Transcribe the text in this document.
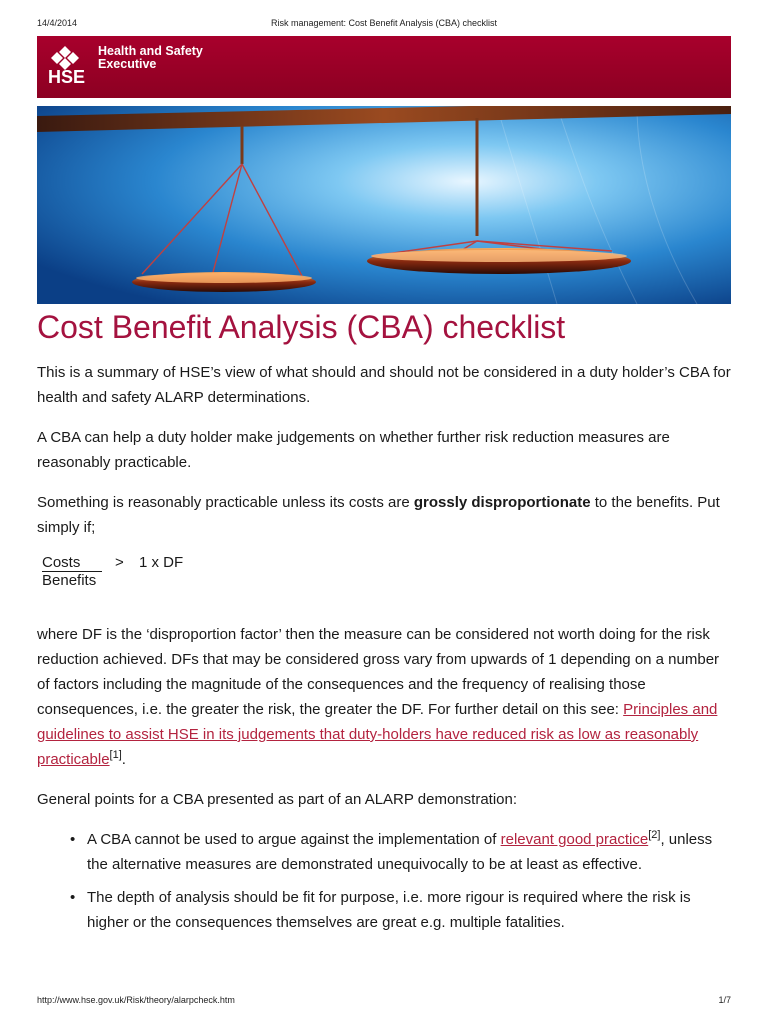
14/4/2014	Risk management: Cost Benefit Analysis (CBA) checklist
HSE
Health and Safety
Executive
Cost Benefit Analysis (CBA) checklist

This is a summary of HSE’s view of what should and should not be considered in a duty holder’s CBA for health and safety ALARP determinations.

A CBA can help a duty holder make judgements on whether further risk reduction measures are reasonably practicable.

Something is reasonably practicable unless its costs are grossly disproportionate to the benefits. Put simply if;

Costs
Benefits
> 1 x DF

where DF is the ‘disproportion factor’ then the measure can be considered not worth doing for the risk reduction achieved. DFs that may be considered gross vary from upwards of 1 depending on a number of factors including the magnitude of the consequences and the frequency of realising those consequences, i.e. the greater the risk, the greater the DF. For further detail on this see: Principles and guidelines to assist HSE in its judgements that duty-holders have reduced risk as low as reasonably practicable[1].

General points for a CBA presented as part of an ALARP demonstration:

• A CBA cannot be used to argue against the implementation of relevant good practice[2], unless the alternative measures are demonstrated unequivocally to be at least as effective.
• The depth of analysis should be fit for purpose, i.e. more rigour is required where the risk is higher or the consequences themselves are great e.g. multiple fatalities.
http://www.hse.gov.uk/Risk/theory/alarpcheck.htm	1/7
